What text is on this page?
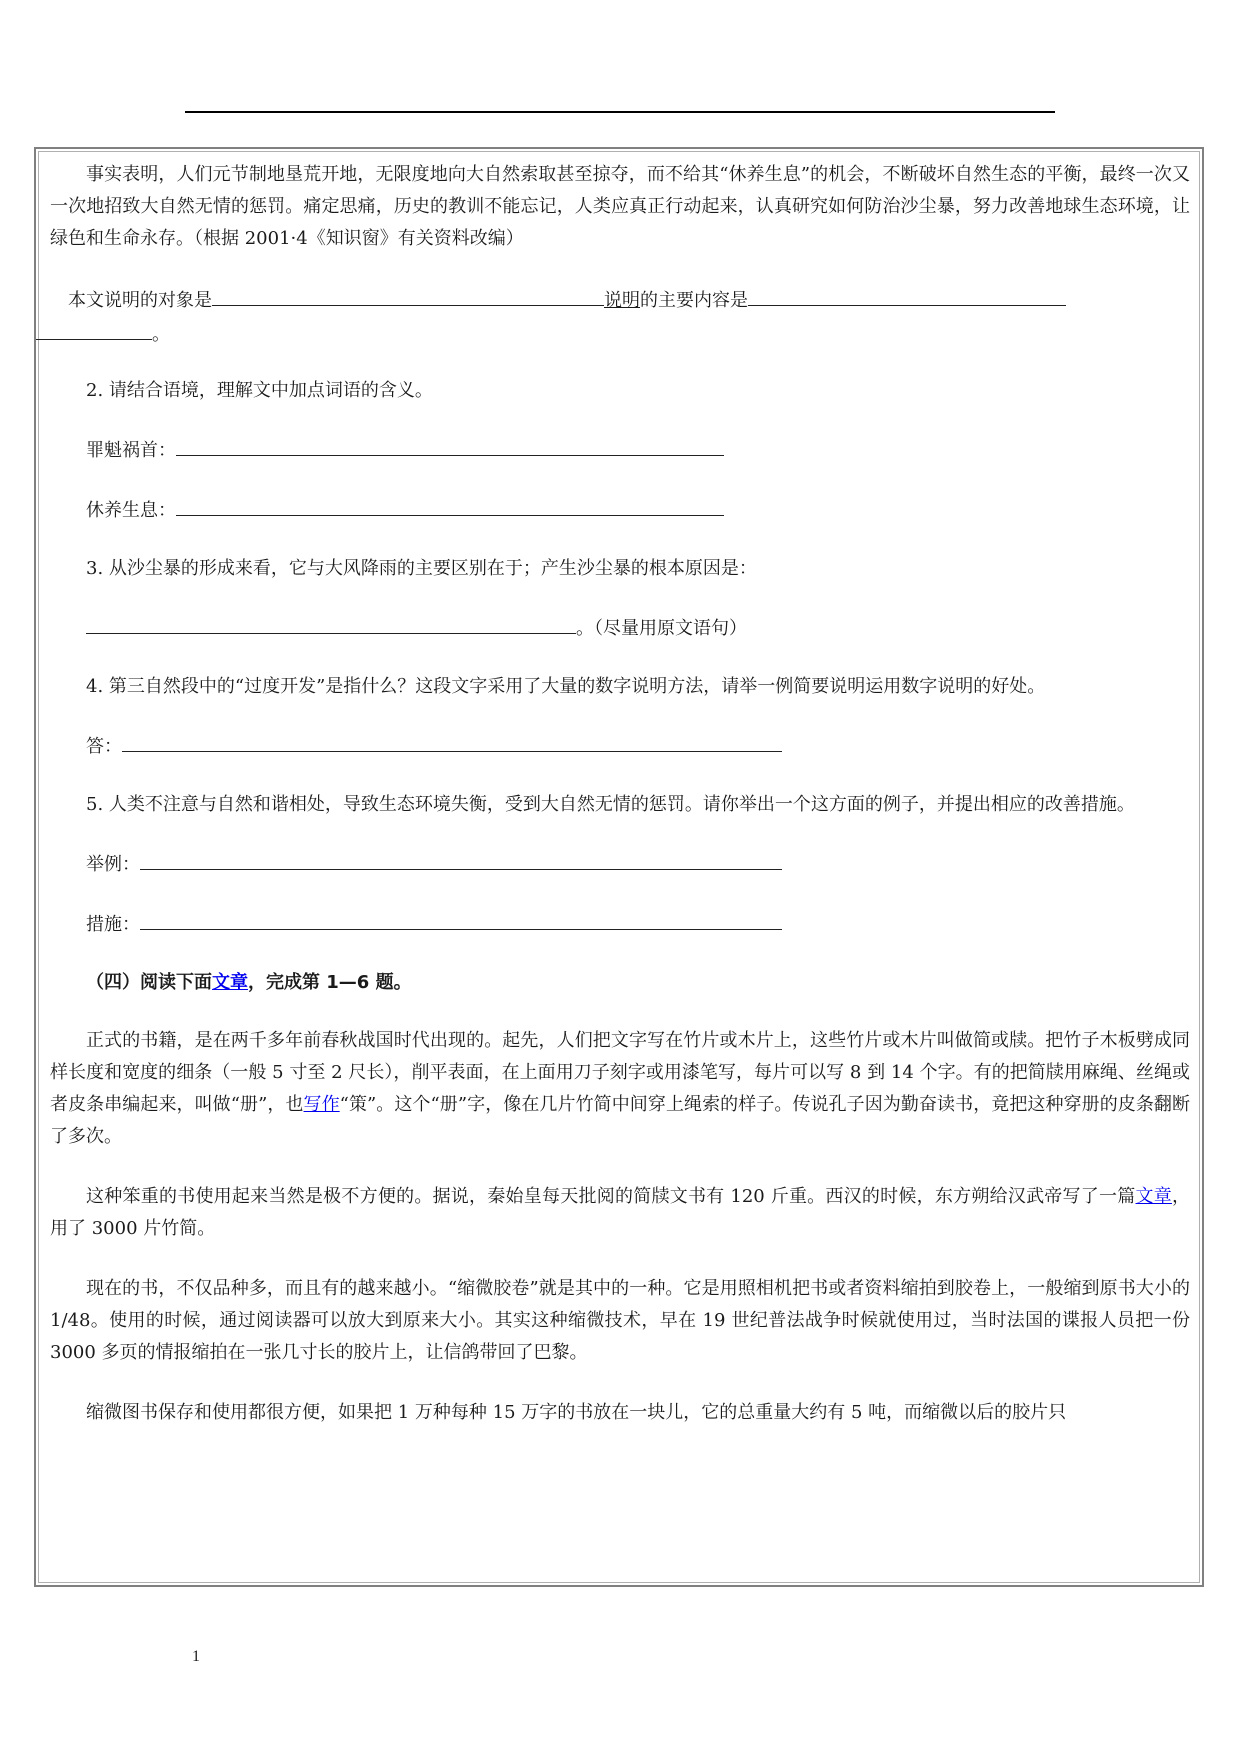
事实表明，人们元节制地垦荒开地，无限度地向大自然索取甚至掠夺，而不给其“休养生息”的机会，不断破坏自然生态的平衡，最终一次又一次地招致大自然无情的惩罚。痛定思痛，历史的教训不能忘记，人类应真正行动起来，认真研究如何防治沙尘暴，努力改善地球生态环境，让绿色和生命永存。（根据 2001·4《知识窗》有关资料改编）

本文说明的对象是	说明的主要内容是
。

2. 请结合语境，理解文中加点词语的含义。

罪魁祸首：

休养生息：

3. 从沙尘暴的形成来看，它与大风降雨的主要区别在于；产生沙尘暴的根本原因是：

。（尽量用原文语句）

4. 第三自然段中的“过度开发”是指什么？这段文字采用了大量的数字说明方法，请举一例简要说明运用数字说明的好处。

答：

5. 人类不注意与自然和谐相处，导致生态环境失衡，受到大自然无情的惩罚。请你举出一个这方面的例子，并提出相应的改善措施。

举例：

措施：

（四）阅读下面文章，完成第 1—6 题。

正式的书籍，是在两千多年前春秋战国时代出现的。起先，人们把文字写在竹片或木片上，这些竹片或木片叫做简或牍。把竹子木板劈成同样长度和宽度的细条（一般 5 寸至 2 尺长），削平表面，在上面用刀子刻字或用漆笔写，每片可以写 8 到 14 个字。有的把简牍用麻绳、丝绳或者皮条串编起来，叫做“册”，也写作“策”。这个“册”字，像在几片竹简中间穿上绳索的样子。传说孔子因为勤奋读书，竟把这种穿册的皮条翻断了多次。

这种笨重的书使用起来当然是极不方便的。据说，秦始皇每天批阅的简牍文书有 120 斤重。西汉的时候，东方朔给汉武帝写了一篇文章，用了 3000 片竹简。

现在的书，不仅品种多，而且有的越来越小。“缩微胶卷”就是其中的一种。它是用照相机把书或者资料缩拍到胶卷上，一般缩到原书大小的 1/48。使用的时候，通过阅读器可以放大到原来大小。其实这种缩微技术，早在 19 世纪普法战争时候就使用过，当时法国的谍报人员把一份 3000 多页的情报缩拍在一张几寸长的胶片上，让信鸽带回了巴黎。

缩微图书保存和使用都很方便，如果把 1 万种每种 15 万字的书放在一块儿，它的总重量大约有 5 吨，而缩微以后的胶片只

1
